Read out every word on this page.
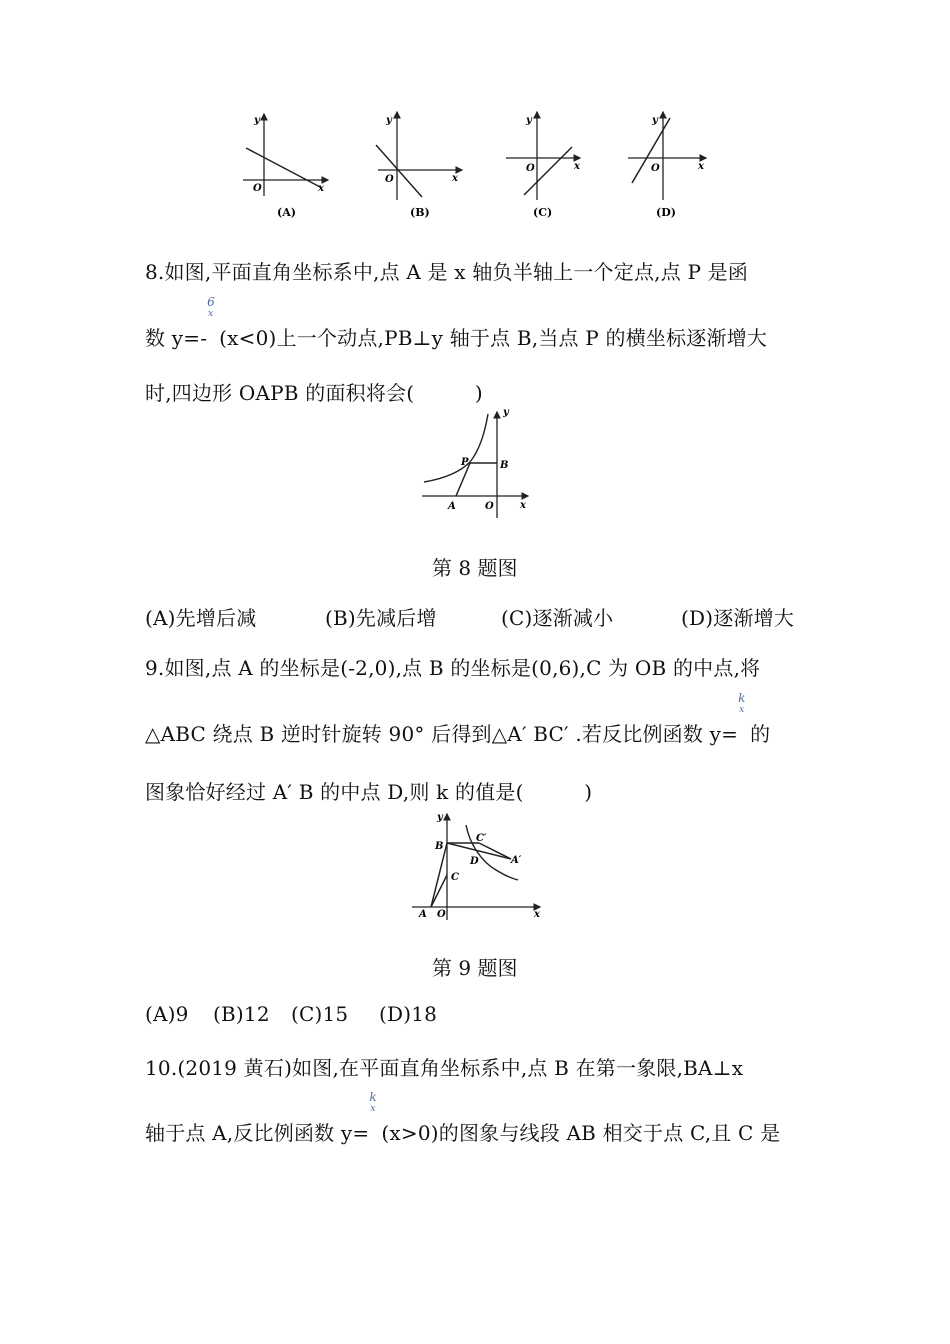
y
x
O
(A)
y
x
O
(B)
y
x
O
(C)
y
x
O
(D)
8.如图,平面直角坐标系中,点 A 是 x 轴负半轴上一个定点,点 P 是函
数 y=-
6
x
(x<0)上一个动点,PB⊥y 轴于点 B,当点 P 的横坐标逐渐增大
时,四边形 OAPB 的面积将会(　　　)
y
x
P	B
A	O
第 8 题图
(A)先增后减	(B)先减后增	(C)逐渐减小	(D)逐渐增大
9.如图,点 A 的坐标是(-2,0),点 B 的坐标是(0,6),C 为 OB 的中点,将
△ABC 绕点 B 逆时针旋转 90° 后得到△A′ BC′ .若反比例函数 y=
k
x
的
图象恰好经过 A′ B 的中点 D,则 k 的值是(　　　)
y
x
B
C′
D	A′
C
A O
第 9 题图
(A)9 (B)12 (C)15 (D)18
10.(2019 黄石)如图,在平面直角坐标系中,点 B 在第一象限,BA⊥x
轴于点 A,反比例函数 y=
k
x
(x>0)的图象与线段 AB 相交于点 C,且 C 是
